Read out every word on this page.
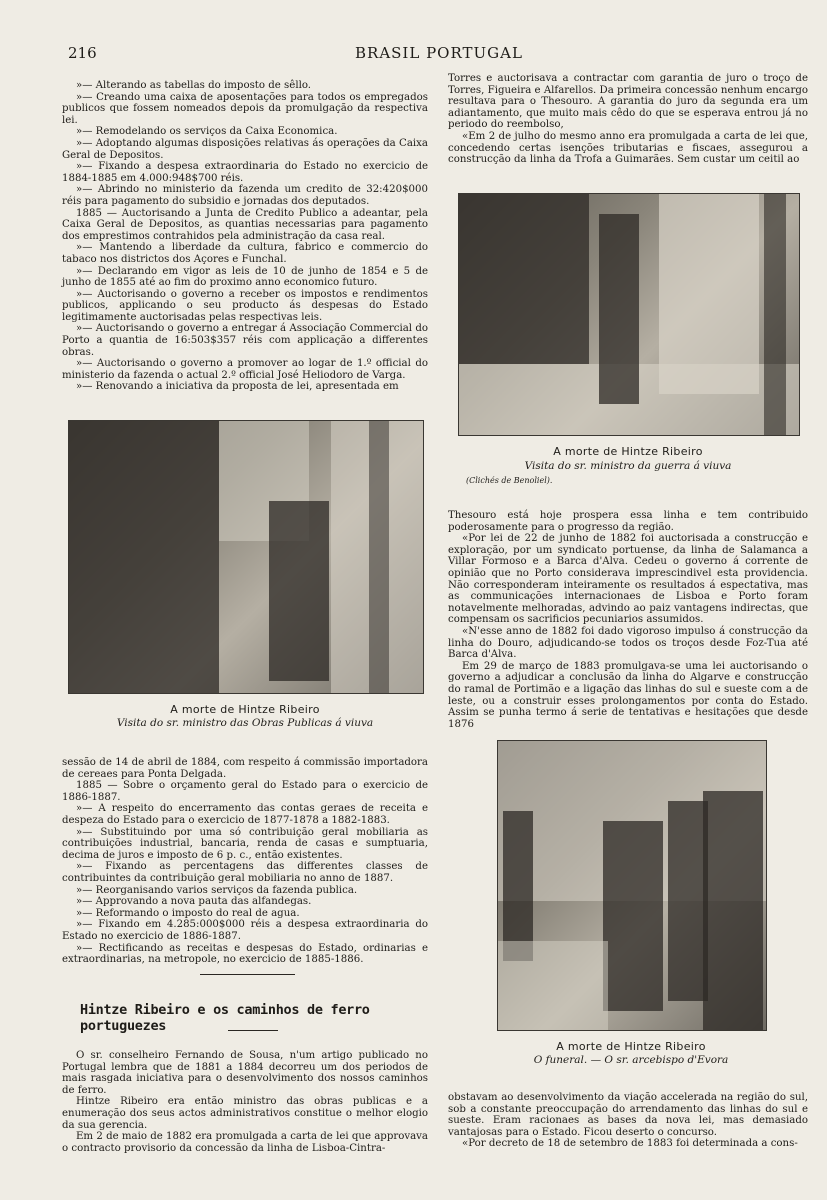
216	BRASIL PORTUGAL

»— Alterando as tabellas do imposto de sêllo.

»— Creando uma caixa de aposentações para todos os empregados publicos que fossem nomeados depois da promulgação da respectiva lei.

»— Remodelando os serviços da Caixa Economica.

»— Adoptando algumas disposições relativas ás operações da Caixa Geral de Depositos.

»— Fixando a despesa extraordinaria do Estado no exercicio de 1884-1885 em 4.000:948$700 réis.

»— Abrindo no ministerio da fazenda um credito de 32:420$000 réis para pagamento do subsidio e jornadas dos deputados.

1885 — Auctorisando a Junta de Credito Publico a adeantar, pela Caixa Geral de Depositos, as quantias necessarias para pagamento dos emprestimos contrahidos pela administração da casa real.

»— Mantendo a liberdade da cultura, fabrico e commercio do tabaco nos districtos dos Açores e Funchal.

»— Declarando em vigor as leis de 10 de junho de 1854 e 5 de junho de 1855 até ao fim do proximo anno economico futuro.

»— Auctorisando o governo a receber os impostos e rendimentos publicos, applicando o seu producto ás despesas do Estado legitimamente auctorisadas pelas respectivas leis.

»— Auctorisando o governo a entregar á Associação Commercial do Porto a quantia de 16:503$357 réis com applicação a differentes obras.

»— Auctorisando o governo a promover ao logar de 1.º official do ministerio da fazenda o actual 2.º official José Heliodoro de Varga.

»— Renovando a iniciativa da proposta de lei, apresentada em

A morte de Hintze Ribeiro
Visita do sr. ministro das Obras Publicas á viuva

sessão de 14 de abril de 1884, com respeito á commissão importadora de cereaes para Ponta Delgada.

1885 — Sobre o orçamento geral do Estado para o exercicio de 1886-1887.

»— A respeito do encerramento das contas geraes de receita e despeza do Estado para o exercicio de 1877-1878 a 1882-1883.

»— Substituindo por uma só contribuição geral mobiliaria as contribuições industrial, bancaria, renda de casas e sumptuaria, decima de juros e imposto de 6 p. c., então existentes.

»— Fixando as percentagens das differentes classes de contribuintes da contribuição geral mobiliaria no anno de 1887.

»— Reorganisando varios serviços da fazenda publica.

»— Approvando a nova pauta das alfandegas.

»— Reformando o imposto do real de agua.

»— Fixando em 4.285:000$000 réis a despesa extraordinaria do Estado no exercicio de 1886-1887.

»— Rectificando as receitas e despesas do Estado, ordinarias e extraordinarias, na metropole, no exercicio de 1885-1886.

Hintze Ribeiro e os caminhos de ferro portuguezes

O sr. conselheiro Fernando de Sousa, n'um artigo publicado no Portugal lembra que de 1881 a 1884 decorreu um dos periodos de mais rasgada iniciativa para o desenvolvimento dos nossos caminhos de ferro.

Hintze Ribeiro era então ministro das obras publicas e a enumeração dos seus actos administrativos constitue o melhor elogio da sua gerencia.

Em 2 de maio de 1882 era promulgada a carta de lei que approvava o contracto provisorio da concessão da linha de Lisboa-Cintra-

Torres e auctorisava a contractar com garantia de juro o troço de Torres, Figueira e Alfarellos. Da primeira concessão nenhum encargo resultava para o Thesouro. A garantia do juro da segunda era um adiantamento, que muito mais cêdo do que se esperava entrou já no periodo do reembolso,

«Em 2 de julho do mesmo anno era promulgada a carta de lei que, concedendo certas isenções tributarias e fiscaes, assegurou a construcção da linha da Trofa a Guimarães. Sem custar um ceitil ao

A morte de Hintze Ribeiro
Visita do sr. ministro da guerra á viuva
(Clichés de Benoliel).

Thesouro está hoje prospera essa linha e tem contribuido poderosamente para o progresso da região.

«Por lei de 22 de junho de 1882 foi auctorisada a construcção e exploração, por um syndicato portuense, da linha de Salamanca a Villar Formoso e a Barca d'Alva. Cedeu o governo á corrente de opinião que no Porto considerava imprescindivel esta providencia. Não corresponderam inteiramente os resultados á espectativa, mas as communicações internacionaes de Lisboa e Porto foram notavelmente melhoradas, advindo ao paiz vantagens indirectas, que compensam os sacrificios pecuniarios assumidos.

«N'esse anno de 1882 foi dado vigoroso impulso á construcção da linha do Douro, adjudicando-se todos os troços desde Foz-Tua até Barca d'Alva.

Em 29 de março de 1883 promulgava-se uma lei auctorisando o governo a adjudicar a conclusão da linha do Algarve e construcção do ramal de Portimão e a ligação das linhas do sul e sueste com a de leste, ou a construir esses prolongamentos por conta do Estado. Assim se punha termo á serie de tentativas e hesitações que desde 1876

A morte de Hintze Ribeiro
O funeral. — O sr. arcebispo d'Evora

obstavam ao desenvolvimento da viação accelerada na região do sul, sob a constante preoccupação do arrendamento das linhas do sul e sueste. Eram racionaes as bases da nova lei, mas demasiado vantajosas para o Estado. Ficou deserto o concurso.

«Por decreto de 18 de setembro de 1883 foi determinada a cons-
